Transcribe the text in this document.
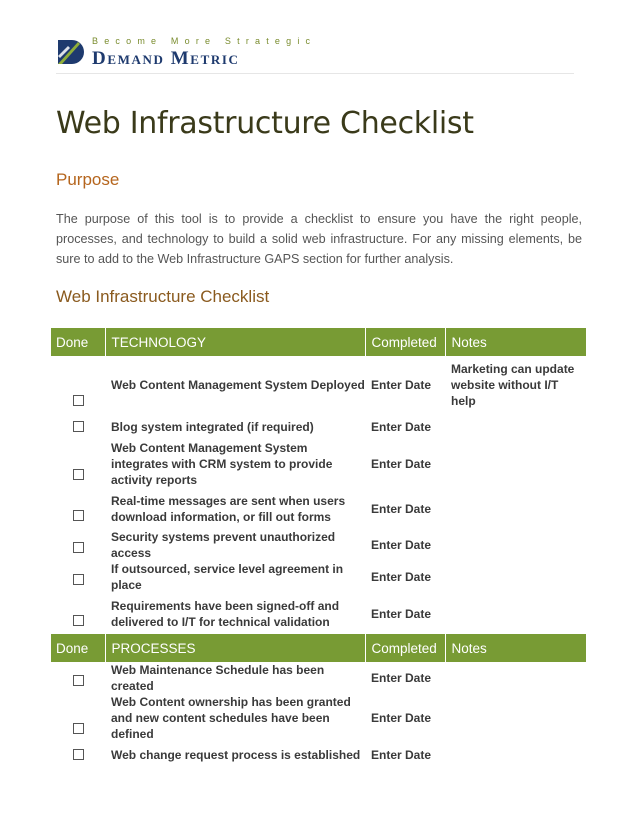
Become More Strategic
Demand Metric
Web Infrastructure Checklist
Purpose
The purpose of this tool is to provide a checklist to ensure you have the right people, processes, and technology to build a solid web infrastructure. For any missing elements, be sure to add to the Web Infrastructure GAPS section for further analysis.
Web Infrastructure Checklist
Done	TECHNOLOGY	Completed	Notes
	Web Content Management System Deployed	Enter Date	Marketing can update website without I/T help
	Blog system integrated (if required)	Enter Date	
	Web Content Management System integrates with CRM system to provide activity reports	Enter Date	
	Real-time messages are sent when users download information, or fill out forms	Enter Date	
	Security systems prevent unauthorized access	Enter Date	
	If outsourced, service level agreement in place	Enter Date	
	Requirements have been signed-off and delivered to I/T for technical validation	Enter Date	
Done	PROCESSES	Completed	Notes
	Web Maintenance Schedule has been created	Enter Date	
	Web Content ownership has been granted and new content schedules have been defined	Enter Date	
	Web change request process is established	Enter Date	
